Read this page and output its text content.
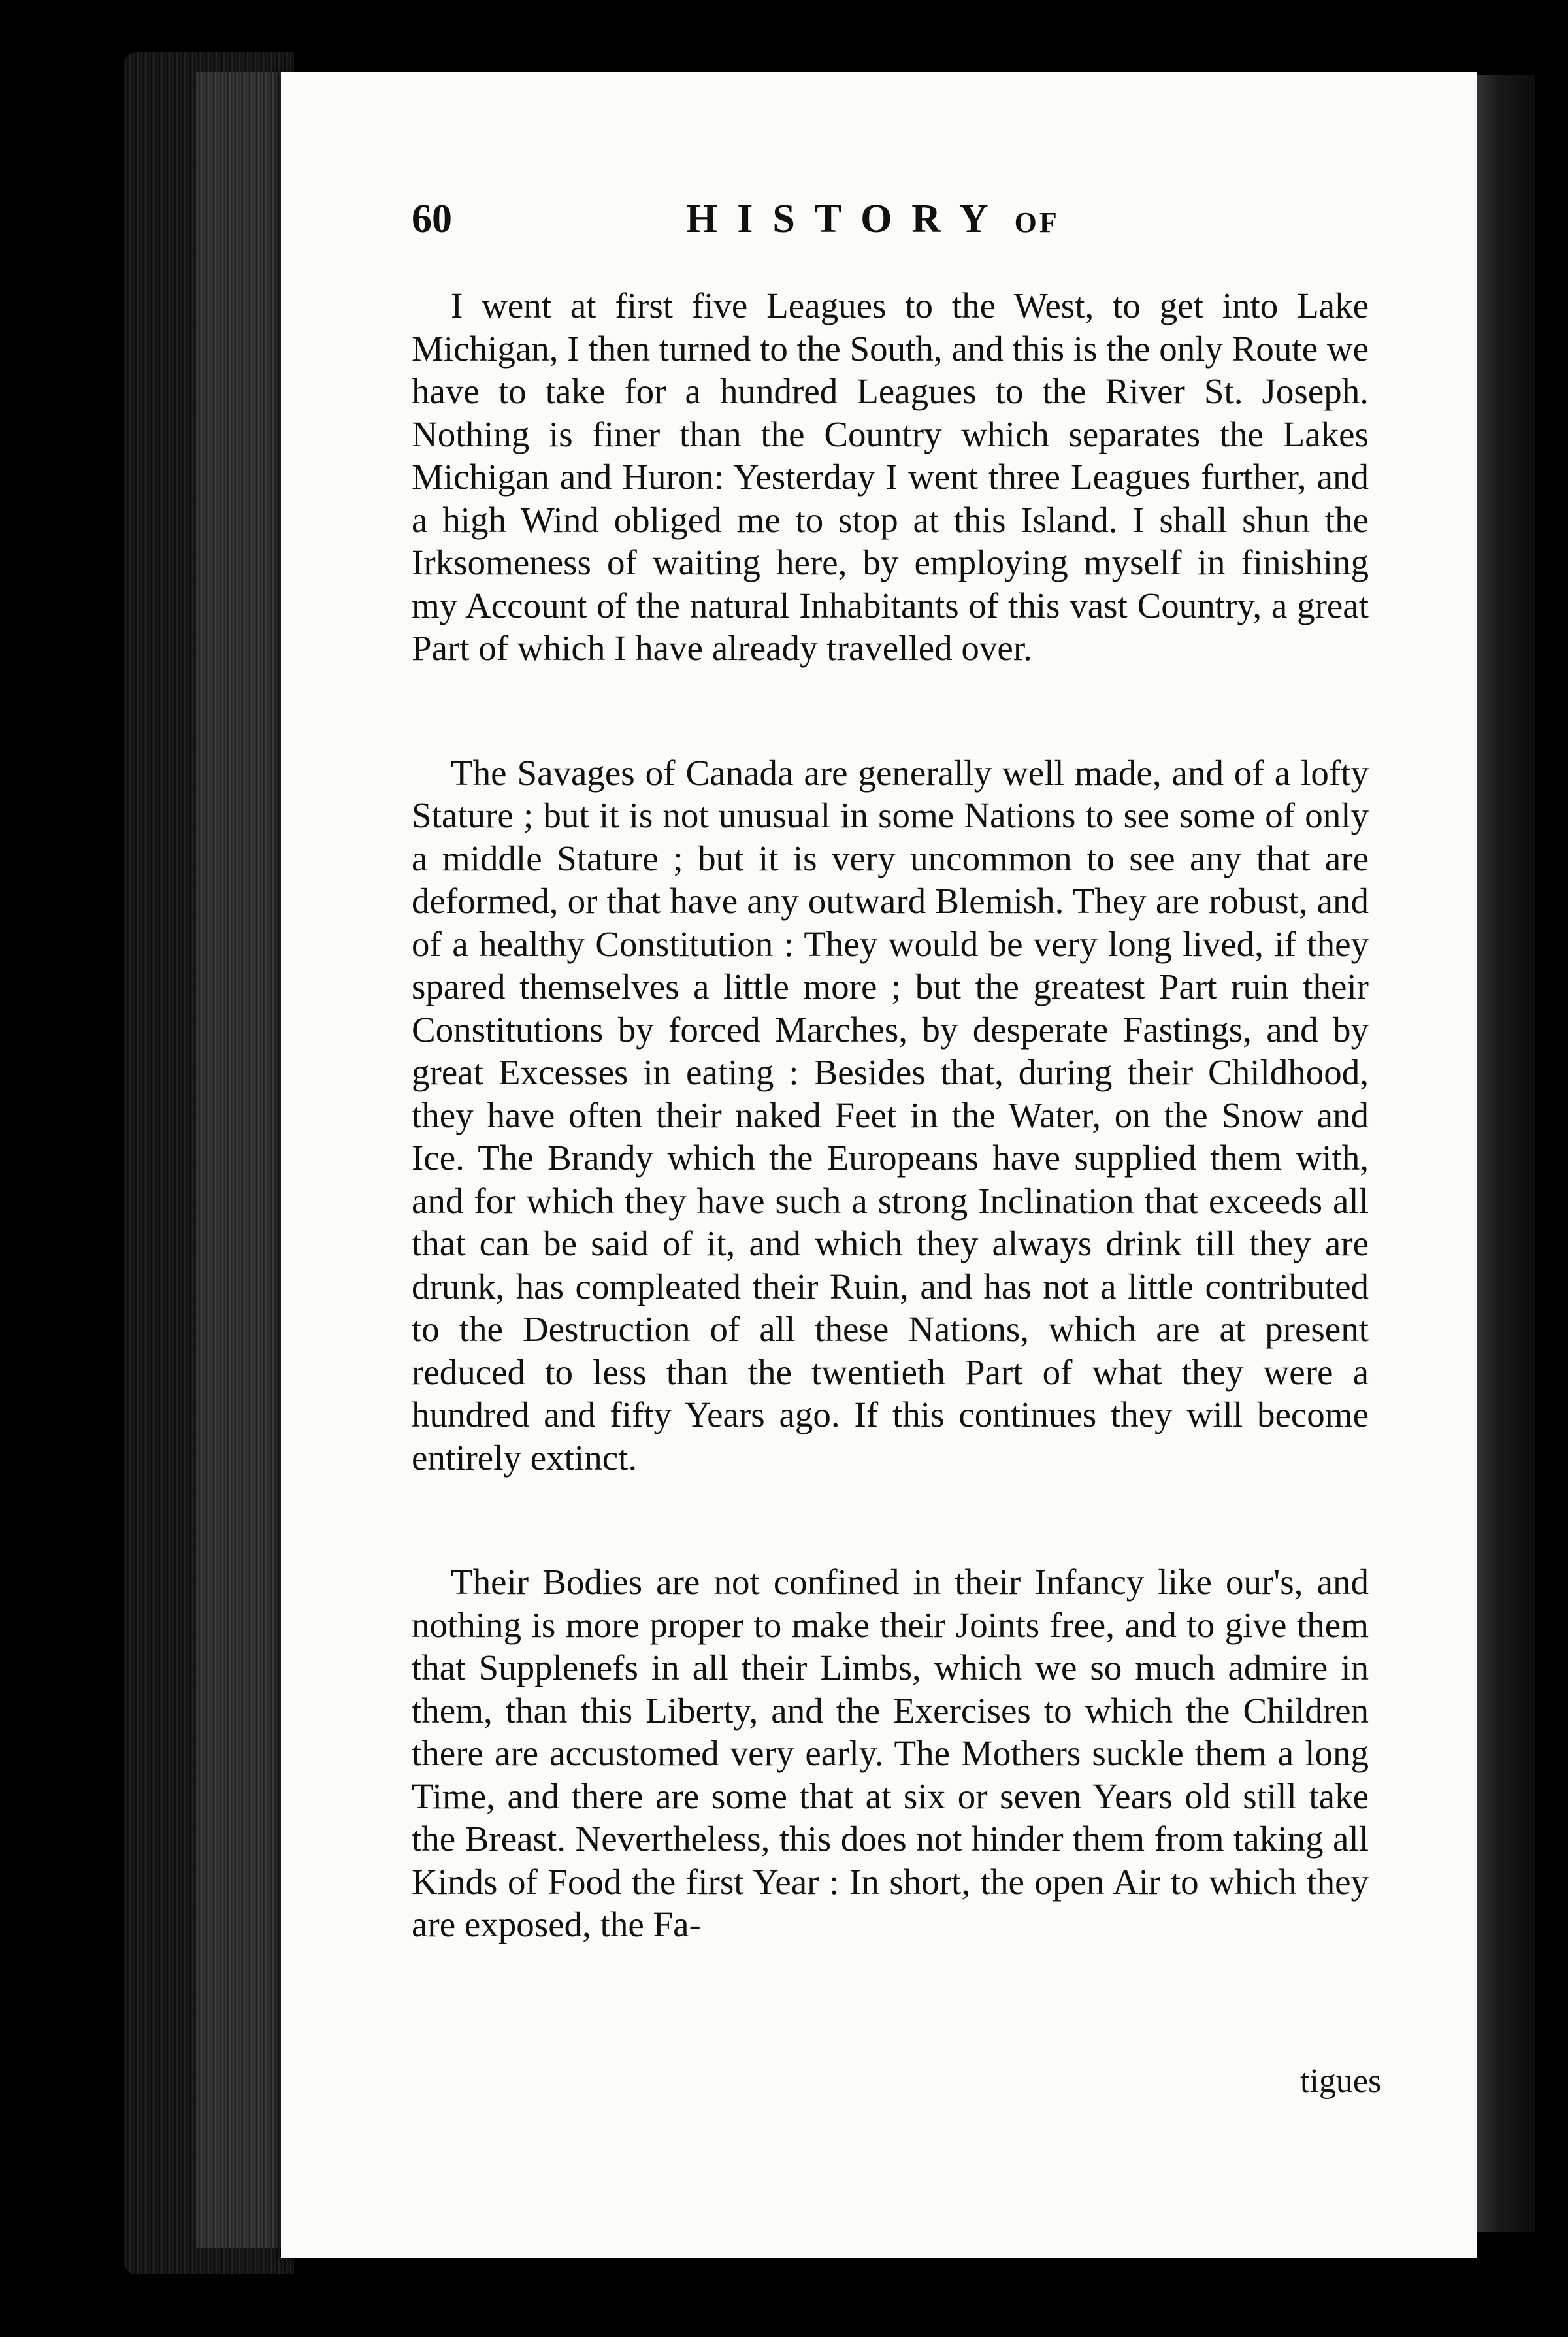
60	HISTORY OF

I went at first five Leagues to the West, to get into Lake Michigan, I then turned to the South, and this is the only Route we have to take for a hundred Leagues to the River St. Joseph. Nothing is finer than the Country which separates the Lakes Michigan and Huron: Yesterday I went three Leagues further, and a high Wind obliged me to stop at this Island. I shall shun the Irksomeness of waiting here, by employing myself in finishing my Account of the natural Inhabitants of this vast Country, a great Part of which I have already travelled over.

The Savages of Canada are generally well made, and of a lofty Stature ; but it is not unusual in some Nations to see some of only a middle Stature ; but it is very uncommon to see any that are deformed, or that have any outward Blemish. They are robust, and of a healthy Constitution : They would be very long lived, if they spared themselves a little more ; but the greatest Part ruin their Constitutions by forced Marches, by desperate Fastings, and by great Excesses in eating : Besides that, during their Childhood, they have often their naked Feet in the Water, on the Snow and Ice. The Brandy which the Europeans have supplied them with, and for which they have such a strong Inclination that exceeds all that can be said of it, and which they always drink till they are drunk, has compleated their Ruin, and has not a little contributed to the Destruction of all these Nations, which are at present reduced to less than the twentieth Part of what they were a hundred and fifty Years ago. If this continues they will become entirely extinct.

Their Bodies are not confined in their Infancy like our's, and nothing is more proper to make their Joints free, and to give them that Supplenefs in all their Limbs, which we so much admire in them, than this Liberty, and the Exercises to which the Children there are accustomed very early. The Mothers suckle them a long Time, and there are some that at six or seven Years old still take the Breast. Nevertheless, this does not hinder them from taking all Kinds of Food the first Year : In short, the open Air to which they are exposed, the Fa-

tigues
